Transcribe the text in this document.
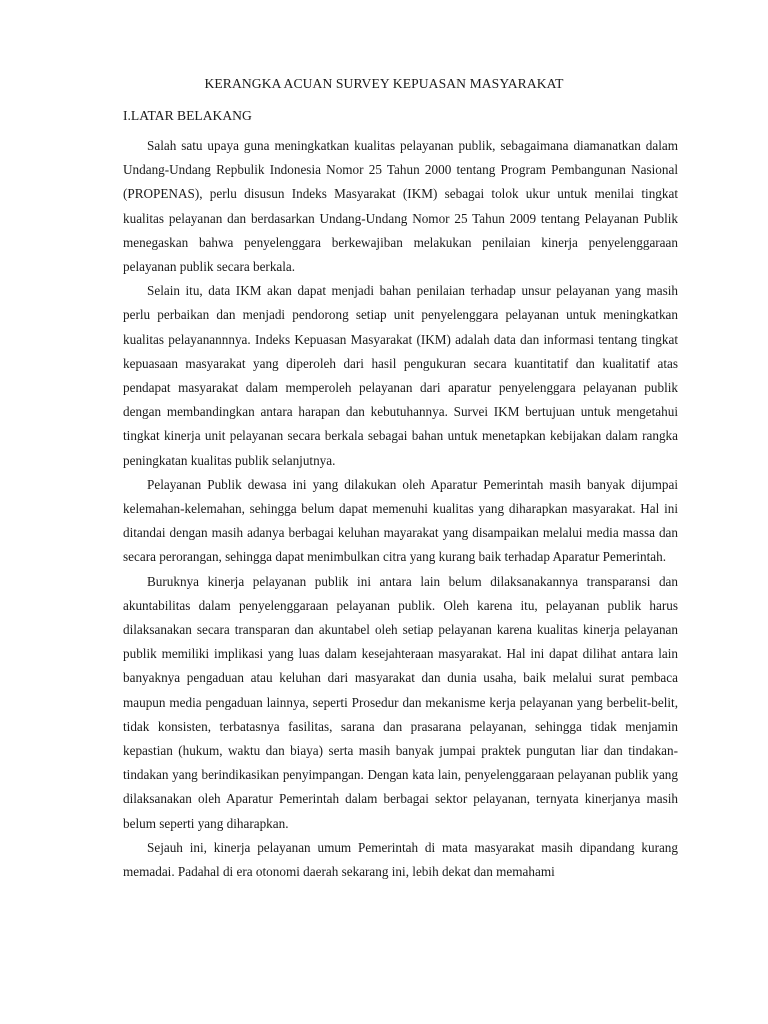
KERANGKA ACUAN SURVEY KEPUASAN MASYARAKAT
I.LATAR BELAKANG

Salah satu upaya guna meningkatkan kualitas pelayanan publik, sebagaimana diamanatkan dalam Undang-Undang Repbulik Indonesia Nomor 25 Tahun 2000 tentang Program Pembangunan Nasional (PROPENAS), perlu disusun Indeks Masyarakat (IKM) sebagai tolok ukur untuk menilai tingkat kualitas pelayanan dan berdasarkan Undang-Undang Nomor 25 Tahun 2009 tentang Pelayanan Publik menegaskan bahwa penyelenggara berkewajiban melakukan penilaian kinerja penyelenggaraan pelayanan publik secara berkala.

Selain itu, data IKM akan dapat menjadi bahan penilaian terhadap unsur pelayanan yang masih perlu perbaikan dan menjadi pendorong setiap unit penyelenggara pelayanan untuk meningkatkan kualitas pelayanannnya. Indeks Kepuasan Masyarakat (IKM) adalah data dan informasi tentang tingkat kepuasaan masyarakat yang diperoleh dari hasil pengukuran secara kuantitatif dan kualitatif atas pendapat masyarakat dalam memperoleh pelayanan dari aparatur penyelenggara pelayanan publik dengan membandingkan antara harapan dan kebutuhannya. Survei IKM bertujuan untuk mengetahui tingkat kinerja unit pelayanan secara berkala sebagai bahan untuk menetapkan kebijakan dalam rangka peningkatan kualitas publik selanjutnya.

Pelayanan Publik dewasa ini yang dilakukan oleh Aparatur Pemerintah masih banyak dijumpai kelemahan-kelemahan, sehingga belum dapat memenuhi kualitas yang diharapkan masyarakat. Hal ini ditandai dengan masih adanya berbagai keluhan mayarakat yang disampaikan melalui media massa dan secara perorangan, sehingga dapat menimbulkan citra yang kurang baik terhadap Aparatur Pemerintah.

Buruknya kinerja pelayanan publik ini antara lain belum dilaksanakannya transparansi dan akuntabilitas dalam penyelenggaraan pelayanan publik. Oleh karena itu, pelayanan publik harus dilaksanakan secara transparan dan akuntabel oleh setiap pelayanan karena kualitas kinerja pelayanan publik memiliki implikasi yang luas dalam kesejahteraan masyarakat. Hal ini dapat dilihat antara lain banyaknya pengaduan atau keluhan dari masyarakat dan dunia usaha, baik melalui surat pembaca maupun media pengaduan lainnya, seperti Prosedur dan mekanisme kerja pelayanan yang berbelit-belit, tidak konsisten, terbatasnya fasilitas, sarana dan prasarana pelayanan, sehingga tidak menjamin kepastian (hukum, waktu dan biaya) serta masih banyak jumpai praktek pungutan liar dan tindakan-tindakan yang berindikasikan penyimpangan. Dengan kata lain, penyelenggaraan pelayanan publik yang dilaksanakan oleh Aparatur Pemerintah dalam berbagai sektor pelayanan, ternyata kinerjanya masih belum seperti yang diharapkan.

Sejauh ini, kinerja pelayanan umum Pemerintah di mata masyarakat masih dipandang kurang memadai. Padahal di era otonomi daerah sekarang ini, lebih dekat dan memahami
